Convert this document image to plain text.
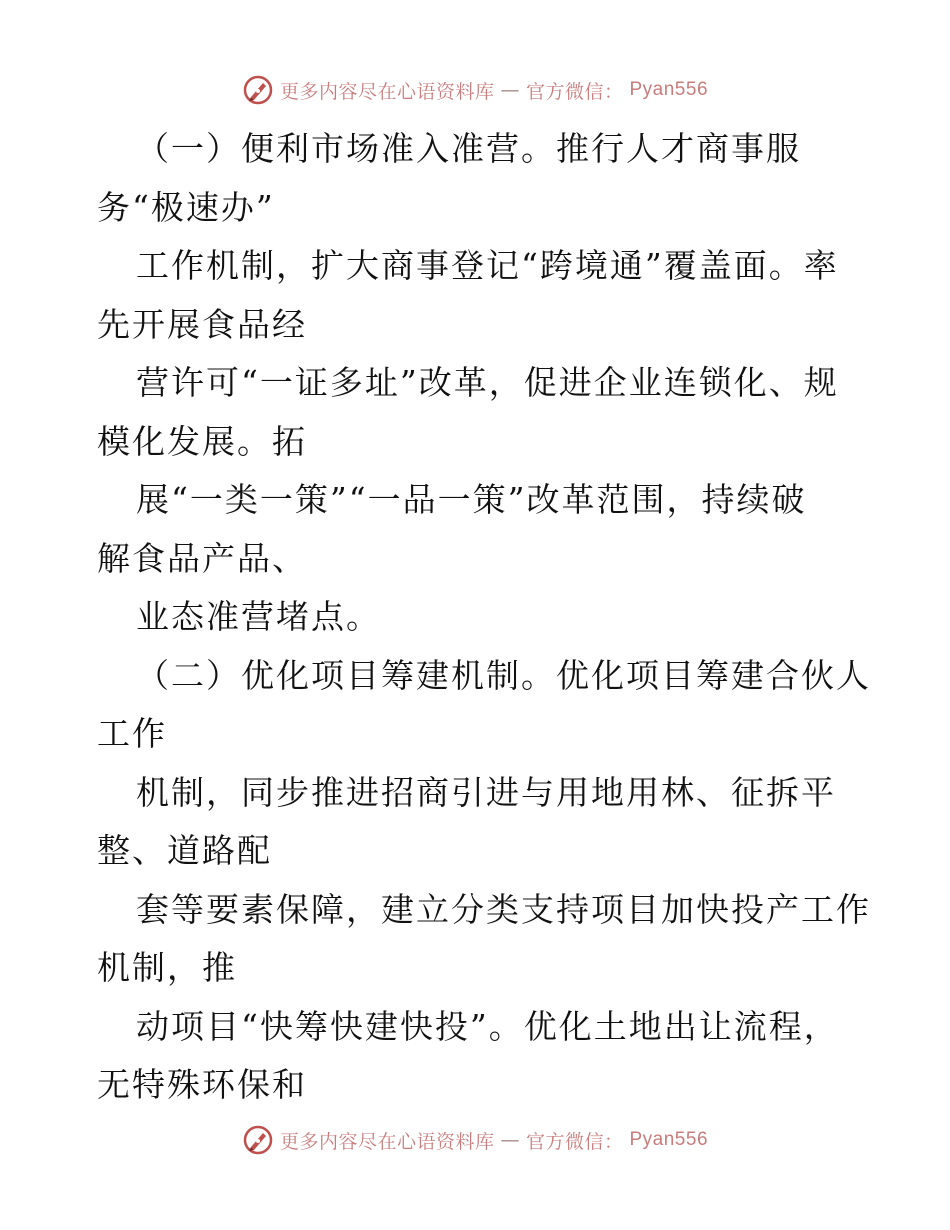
更多内容尽在心语资料库 — 官方微信： Pyan556
（一）便利市场准入准营。推行人才商事服
务“极速办”
工作机制，扩大商事登记“跨境通”覆盖面。率
先开展食品经
营许可“一证多址”改革，促进企业连锁化、规
模化发展。拓
展“一类一策”“一品一策”改革范围，持续破
解食品产品、
业态准营堵点。
（二）优化项目筹建机制。优化项目筹建合伙人
工作
机制，同步推进招商引进与用地用林、征拆平
整、道路配
套等要素保障，建立分类支持项目加快投产工作
机制，推
动项目“快筹快建快投”。优化土地出让流程，
无特殊环保和
更多内容尽在心语资料库 — 官方微信： Pyan556
